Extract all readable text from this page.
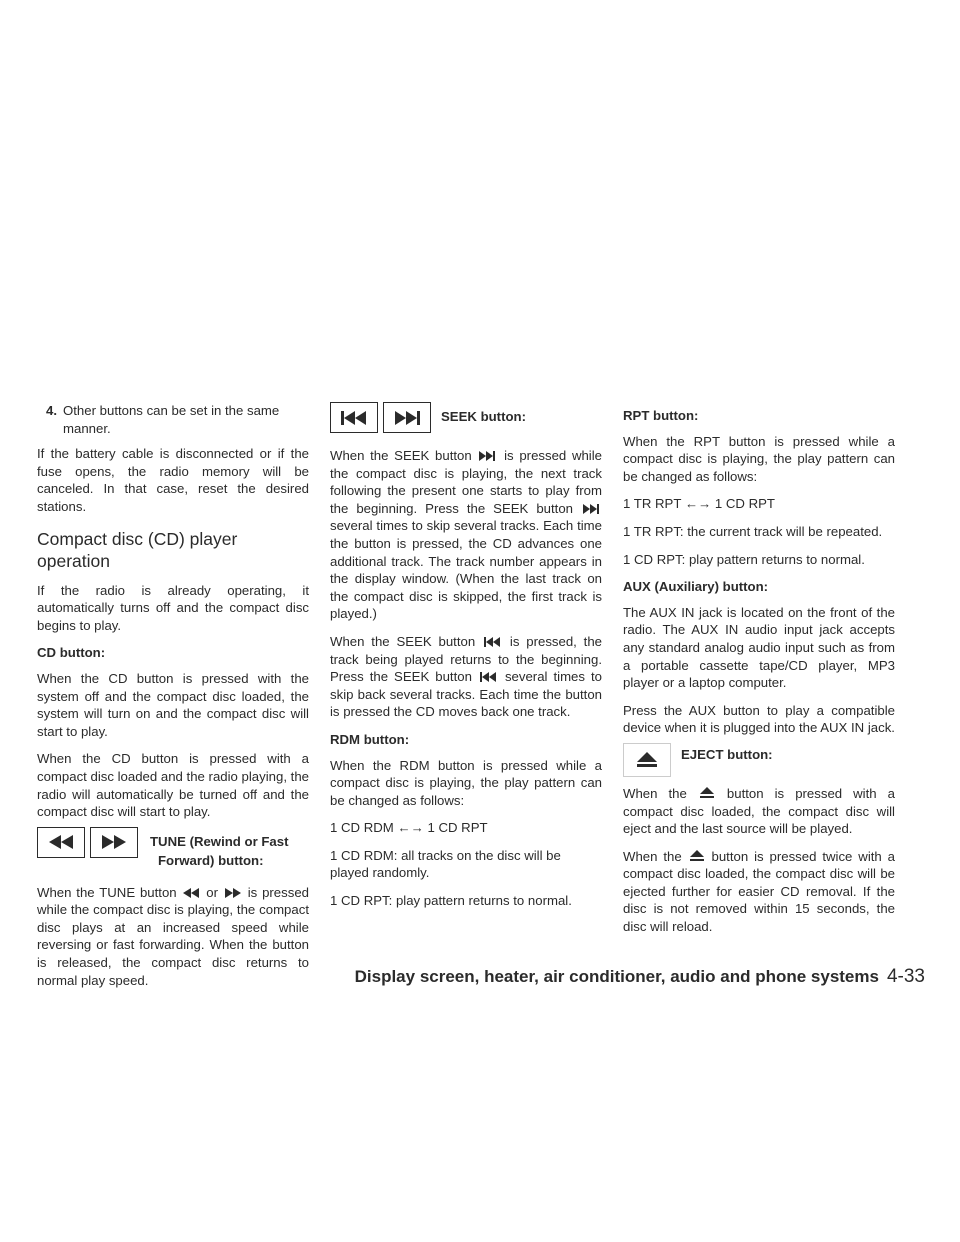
4. Other buttons can be set in the same manner.

If the battery cable is disconnected or if the fuse opens, the radio memory will be canceled. In that case, reset the desired stations.

Compact disc (CD) player operation

If the radio is already operating, it automatically turns off and the compact disc begins to play.

CD button:

When the CD button is pressed with the system off and the compact disc loaded, the system will turn on and the compact disc will start to play.

When the CD button is pressed with a compact disc loaded and the radio playing, the radio will automatically be turned off and the compact disc will start to play.

TUNE (Rewind or Fast
Forward) button:

When the TUNE button or is pressed while the compact disc is playing, the compact disc plays at an increased speed while reversing or fast forwarding. When the button is released, the compact disc returns to normal play speed.

SEEK button:

When the SEEK button is pressed while the compact disc is playing, the next track following the present one starts to play from the beginning. Press the SEEK button  several times to skip several tracks. Each time the button is pressed, the CD advances one additional track. The track number appears in the display window. (When the last track on the compact disc is skipped, the first track is played.)

When the SEEK button	is pressed, the track being played returns to the beginning. Press the SEEK button	several times to skip back several tracks. Each time the button is pressed the CD moves back one track.

RDM button:

When the RDM button is pressed while a compact disc is playing, the play pattern can be changed as follows:

1 CD RDM ←→ 1 CD RPT

1 CD RDM: all tracks on the disc will be played randomly.

1 CD RPT: play pattern returns to normal.

RPT button:

When the RPT button is pressed while a compact disc is playing, the play pattern can be changed as follows:

1 TR RPT ←→ 1 CD RPT

1 TR RPT: the current track will be repeated.

1 CD RPT: play pattern returns to normal.

AUX (Auxiliary) button:

The AUX IN jack is located on the front of the radio. The AUX IN audio input jack accepts any standard analog audio input such as from a portable cassette tape/CD player, MP3 player or a laptop computer.

Press the AUX button to play a compatible device when it is plugged into the AUX IN jack.

EJECT button:

When the	button is pressed with a compact disc loaded, the compact disc will eject and the last source will be played.

When the button is pressed twice with a compact disc loaded, the compact disc will be ejected further for easier CD removal. If the disc is not removed within 15 seconds, the disc will reload.

Display screen, heater, air conditioner, audio and phone systems 4-33
